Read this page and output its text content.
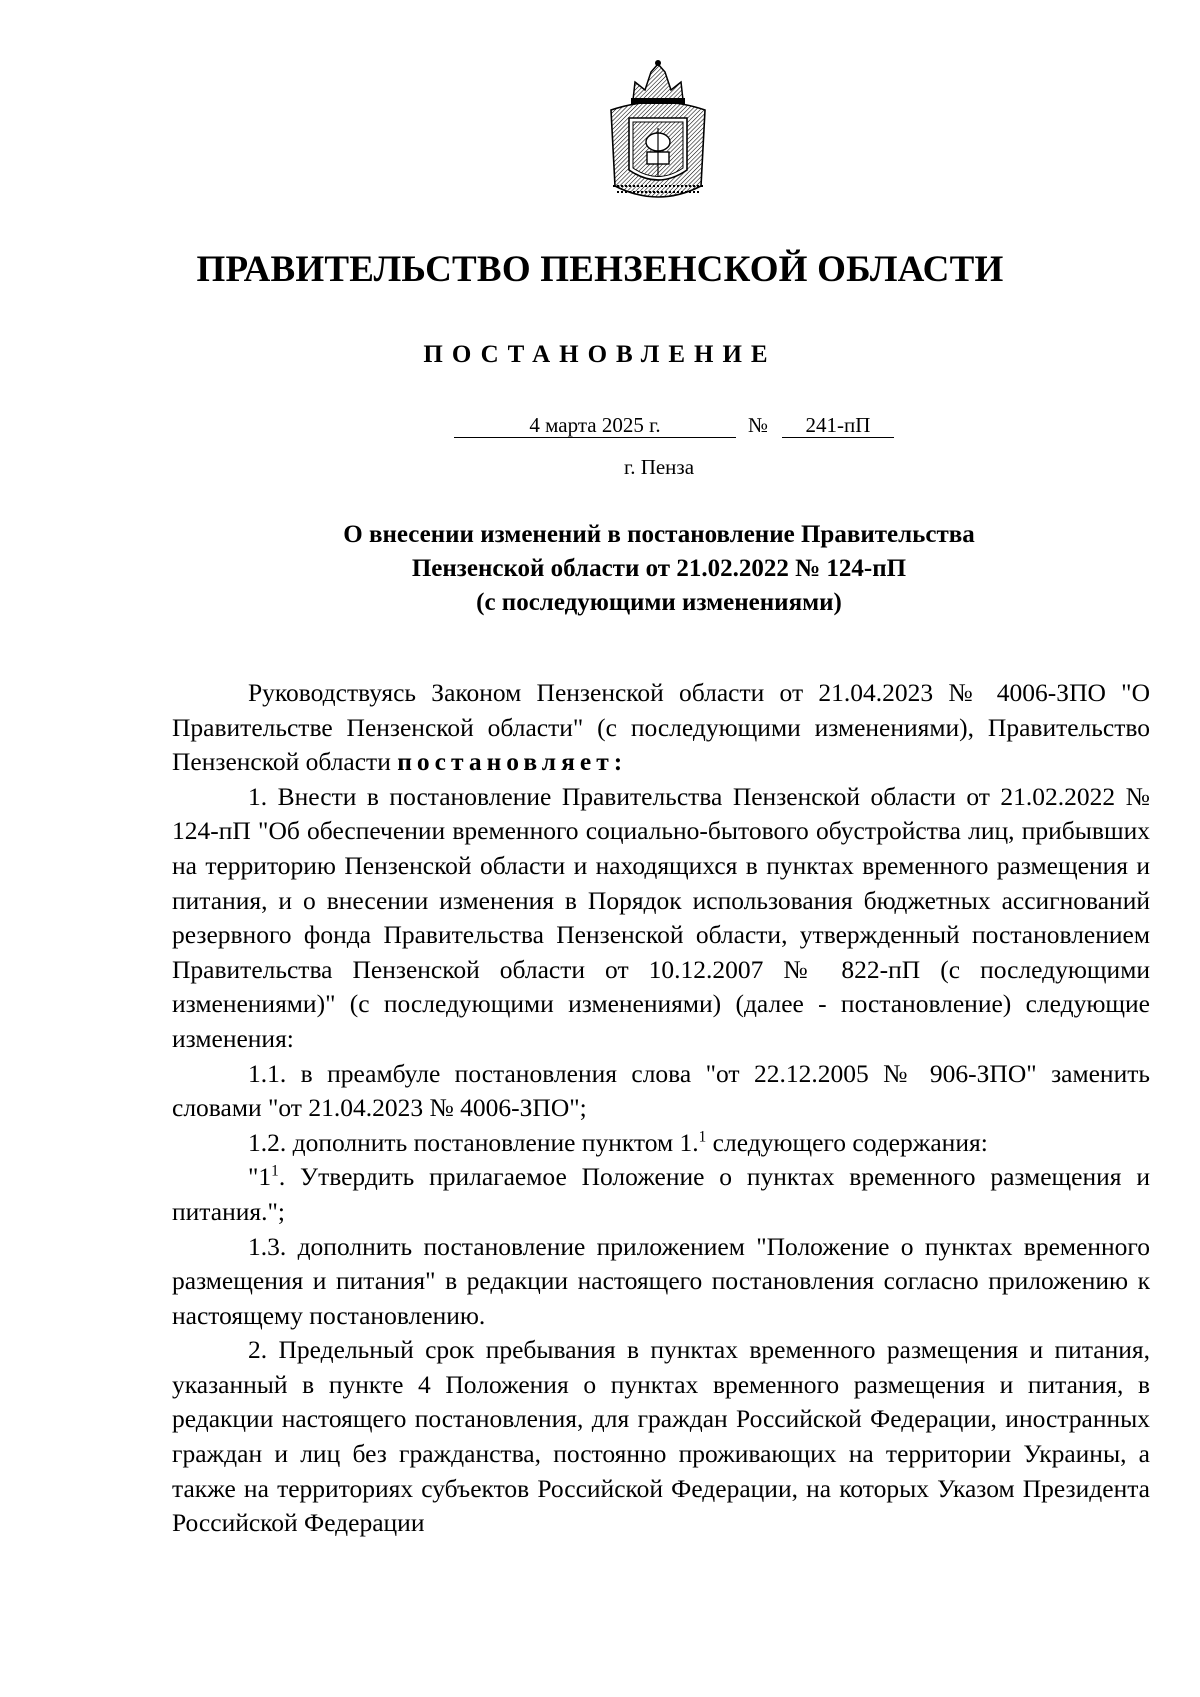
ПРАВИТЕЛЬСТВО ПЕНЗЕНСКОЙ ОБЛАСТИ
ПОСТАНОВЛЕНИЕ
4 марта 2025 г.	№	241-пП
г. Пенза
О внесении изменений в постановление Правительства
Пензенской области от 21.02.2022 № 124-пП
(с последующими изменениями)

Руководствуясь Законом Пензенской области от 21.04.2023 № 4006-ЗПО "О Правительстве Пензенской области" (с последующими изменениями), Правительство Пензенской области постановляет:

1. Внести в постановление Правительства Пензенской области от 21.02.2022 № 124-пП "Об обеспечении временного социально-бытового обустройства лиц, прибывших на территорию Пензенской области и находящихся в пунктах временного размещения и питания, и о внесении изменения в Порядок использования бюджетных ассигнований резервного фонда Правительства Пензенской области, утвержденный постановлением Правительства Пензенской области от 10.12.2007 № 822-пП (с последующими изменениями)" (с последующими изменениями) (далее - постановление) следующие изменения:

1.1. в преамбуле постановления слова "от 22.12.2005 № 906-ЗПО" заменить словами "от 21.04.2023 № 4006-ЗПО";

1.2. дополнить постановление пунктом 1.$^1$ следующего содержания:

"$1^1$. Утвердить прилагаемое Положение о пунктах временного размещения и питания.";

1.3. дополнить постановление приложением "Положение о пунктах временного размещения и питания" в редакции настоящего постановления согласно приложению к настоящему постановлению.

2. Предельный срок пребывания в пунктах временного размещения и питания, указанный в пункте 4 Положения о пунктах временного размещения и питания, в редакции настоящего постановления, для граждан Российской Федерации, иностранных граждан и лиц без гражданства, постоянно проживающих на территории Украины, а также на территориях субъектов Российской Федерации, на которых Указом Президента Российской Федерации
